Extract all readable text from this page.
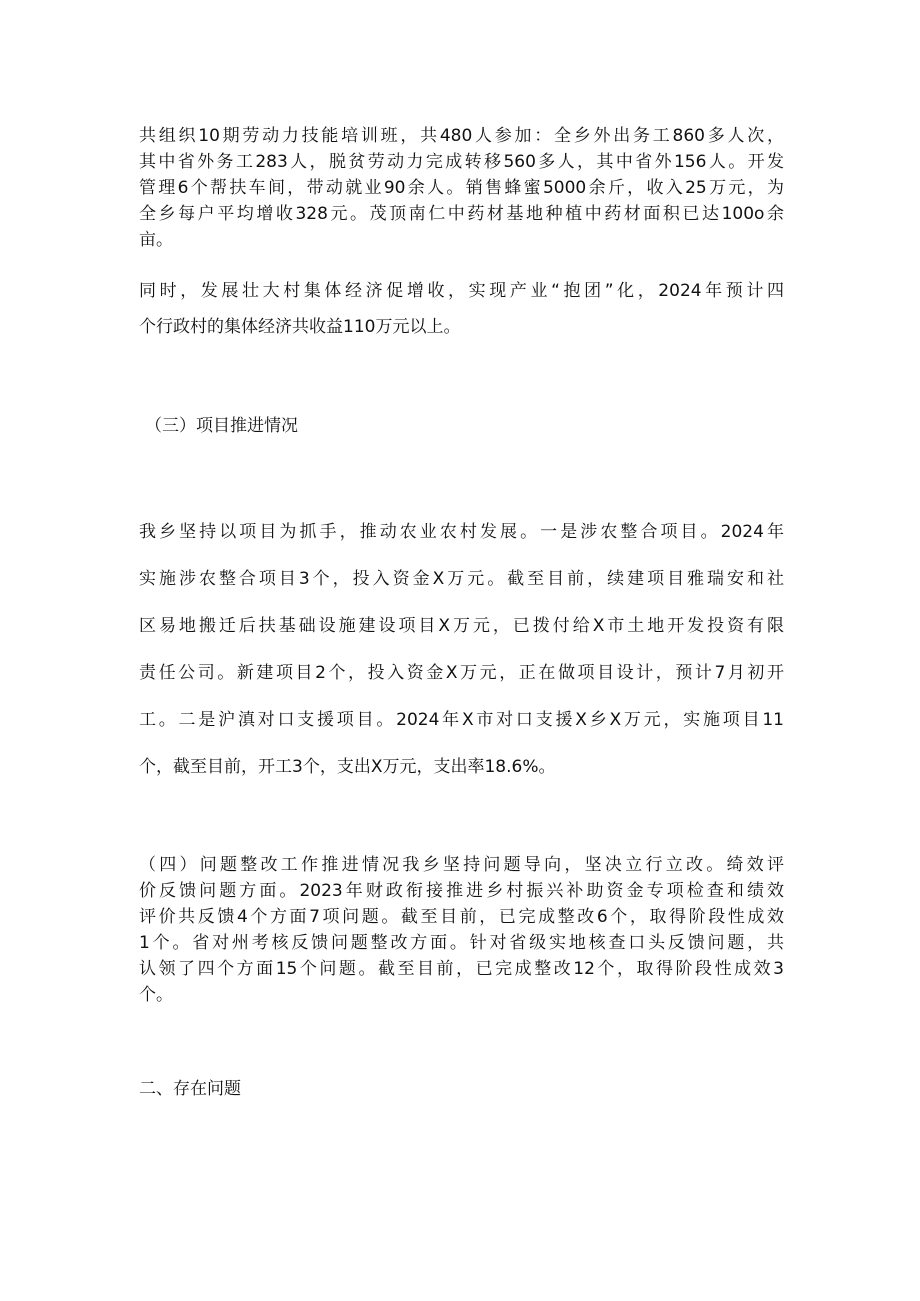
共组织10期劳动力技能培训班，共480人参加：全乡外出务工860多人次，
其中省外务工283人，脱贫劳动力完成转移560多人，其中省外156人。开发
管理6个帮扶车间，带动就业90余人。销售蜂蜜5000余斤，收入25万元，为
全乡每户平均增收328元。茂顶南仁中药材基地种植中药材面积已达100o余
亩。
同时，发展壮大村集体经济促增收，实现产业“抱团”化，2024年预计四
个行政村的集体经济共收益110万元以上。
（三）项目推进情况
我乡坚持以项目为抓手，推动农业农村发展。一是涉农整合项目。2024年
实施涉农整合项目3个，投入资金X万元。截至目前，续建项目雅瑞安和社
区易地搬迁后扶基础设施建设项目X万元，已拨付给X市土地开发投资有限
责任公司。新建项目2个，投入资金X万元，正在做项目设计，预计7月初开
工。二是沪滇对口支援项目。2024年X市对口支援X乡X万元，实施项目11
个，截至目前，开工3个，支出X万元，支出率18.6%。
（四）问题整改工作推进情况我乡坚持问题导向，坚决立行立改。绮效评
价反馈问题方面。2023年财政衔接推进乡村振兴补助资金专项检查和绩效
评价共反馈4个方面7项问题。截至目前，已完成整改6个，取得阶段性成效
1个。省对州考核反馈问题整改方面。针对省级实地核查口头反馈问题，共
认领了四个方面15个问题。截至目前，已完成整改12个，取得阶段性成效3
个。
二、存在问题
